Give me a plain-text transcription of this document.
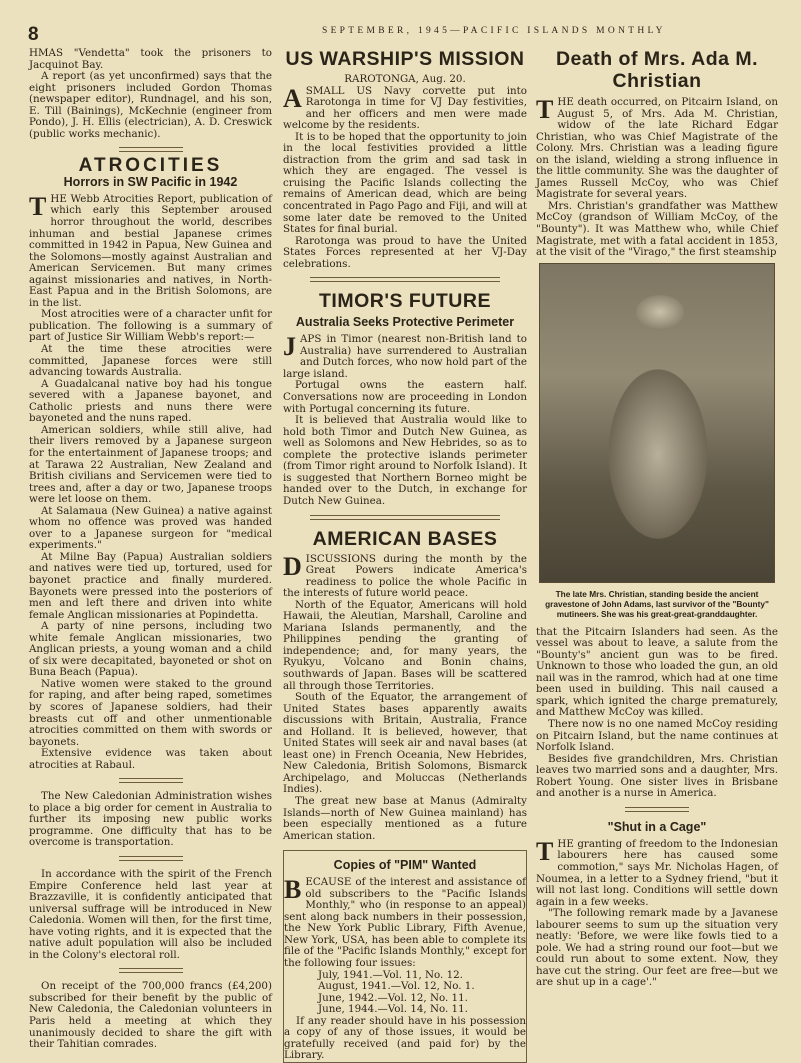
8	SEPTEMBER, 1945—PACIFIC ISLANDS MONTHLY

HMAS "Vendetta" took the prisoners to Jacquinot Bay.

A report (as yet unconfirmed) says that the eight prisoners included Gordon Thomas (newspaper editor), Rundnagel, and his son, E. Till (Bainings), McKechnie (engineer from Pondo), J. H. Ellis (electrician), A. D. Creswick (public works mechanic).

ATROCITIES
Horrors in SW Pacific in 1942

THE Webb Atrocities Report, publication of which early this September aroused horror throughout the world, describes inhuman and bestial Japanese crimes committed in 1942 in Papua, New Guinea and the Solomons—mostly against Australian and American Servicemen. But many crimes against missionaries and natives, in North-East Papua and in the British Solomons, are in the list.

Most atrocities were of a character unfit for publication. The following is a summary of part of Justice Sir William Webb's report:—

At the time these atrocities were committed, Japanese forces were still advancing towards Australia.

A Guadalcanal native boy had his tongue severed with a Japanese bayonet, and Catholic priests and nuns there were bayoneted and the nuns raped.

American soldiers, while still alive, had their livers removed by a Japanese surgeon for the entertainment of Japanese troops; and at Tarawa 22 Australian, New Zealand and British civilians and Servicemen were tied to trees and, after a day or two, Japanese troops were let loose on them.

At Salamaua (New Guinea) a native against whom no offence was proved was handed over to a Japanese surgeon for "medical experiments."

At Milne Bay (Papua) Australian soldiers and natives were tied up, tortured, used for bayonet practice and finally murdered. Bayonets were pressed into the posteriors of men and left there and driven into white female Anglican missionaries at Popindetta.

A party of nine persons, including two white female Anglican missionaries, two Anglican priests, a young woman and a child of six were decapitated, bayoneted or shot on Buna Beach (Papua).

Native women were staked to the ground for raping, and after being raped, sometimes by scores of Japanese soldiers, had their breasts cut off and other unmentionable atrocities committed on them with swords or bayonets.

Extensive evidence was taken about atrocities at Rabaul.

The New Caledonian Administration wishes to place a big order for cement in Australia to further its imposing new public works programme. One difficulty that has to be overcome is transportation.

In accordance with the spirit of the French Empire Conference held last year at Brazzaville, it is confidently anticipated that universal suffrage will be introduced in New Caledonia. Women will then, for the first time, have voting rights, and it is expected that the native adult population will also be included in the Colony's electoral roll.

On receipt of the 700,000 francs (£4,200) subscribed for their benefit by the public of New Caledonia, the Caledonian volunteers in Paris held a meeting at which they unanimously decided to share the gift with their Tahitian comrades.

US WARSHIP'S MISSION

RAROTONGA, Aug. 20.

ASMALL US Navy corvette put into Rarotonga in time for VJ Day festivities, and her officers and men were made welcome by the residents.

It is to be hoped that the opportunity to join in the local festivities provided a little distraction from the grim and sad task in which they are engaged. The vessel is cruising the Pacific Islands collecting the remains of American dead, which are being concentrated in Pago Pago and Fiji, and will at some later date be removed to the United States for final burial.

Rarotonga was proud to have the United States Forces represented at her VJ-Day celebrations.

TIMOR'S FUTURE
Australia Seeks Protective Perimeter

JAPS in Timor (nearest non-British land to Australia) have surrendered to Australian and Dutch forces, who now hold part of the large island.

Portugal owns the eastern half. Conversations now are proceeding in London with Portugal concerning its future.

It is believed that Australia would like to hold both Timor and Dutch New Guinea, as well as Solomons and New Hebrides, so as to complete the protective islands perimeter (from Timor right around to Norfolk Island). It is suggested that Northern Borneo might be handed over to the Dutch, in exchange for Dutch New Guinea.

AMERICAN BASES

DISCUSSIONS during the month by the Great Powers indicate America's readiness to police the whole Pacific in the interests of future world peace.

North of the Equator, Americans will hold Hawaii, the Aleutian, Marshall, Caroline and Mariana Islands permanently, and the Philippines pending the granting of independence; and, for many years, the Ryukyu, Volcano and Bonin chains, southwards of Japan. Bases will be scattered all through those Territories.

South of the Equator, the arrangement of United States bases apparently awaits discussions with Britain, Australia, France and Holland. It is believed, however, that United States will seek air and naval bases (at least one) in French Oceania, New Hebrides, New Caledonia, British Solomons, Bismarck Archipelago, and Moluccas (Netherlands Indies).

The great new base at Manus (Admiralty Islands—north of New Guinea mainland) has been especially mentioned as a future American station.

Copies of "PIM" Wanted

BECAUSE of the interest and assistance of old subscribers to the "Pacific Islands Monthly," who (in response to an appeal) sent along back numbers in their possession, the New York Public Library, Fifth Avenue, New York, USA, has been able to complete its file of the "Pacific Islands Monthly," except for the following four issues:

July, 1941.—Vol. 11, No. 12.

August, 1941.—Vol. 12, No. 1.

June, 1942.—Vol. 12, No. 11.

June, 1944.—Vol. 14, No. 11.

If any reader should have in his possession a copy of any of those issues, it would be gratefully received (and paid for) by the Library.

Death of Mrs. Ada M. Christian

THE death occurred, on Pitcairn Island, on August 5, of Mrs. Ada M. Christian, widow of the late Richard Edgar Christian, who was Chief Magistrate of the Colony. Mrs. Christian was a leading figure on the island, wielding a strong influence in the little community. She was the daughter of James Russell McCoy, who was Chief Magistrate for several years.

Mrs. Christian's grandfather was Matthew McCoy (grandson of William McCoy, of the "Bounty"). It was Matthew who, while Chief Magistrate, met with a fatal accident in 1853, at the visit of the "Virago," the first steamship

The late Mrs. Christian, standing beside the ancient gravestone of John Adams, last survivor of the "Bounty" mutineers. She was his great-great-granddaughter.

that the Pitcairn Islanders had seen. As the vessel was about to leave, a salute from the "Bounty's" ancient gun was to be fired. Unknown to those who loaded the gun, an old nail was in the ramrod, which had at one time been used in building. This nail caused a spark, which ignited the charge prematurely, and Matthew McCoy was killed.

There now is no one named McCoy residing on Pitcairn Island, but the name continues at Norfolk Island.

Besides five grandchildren, Mrs. Christian leaves two married sons and a daughter, Mrs. Robert Young. One sister lives in Brisbane and another is a nurse in America.

"Shut in a Cage"

THE granting of freedom to the Indonesian labourers here has caused some commotion," says Mr. Nicholas Hagen, of Noumea, in a letter to a Sydney friend, "but it will not last long. Conditions will settle down again in a few weeks.

"The following remark made by a Javanese labourer seems to sum up the situation very neatly: 'Before, we were like fowls tied to a pole. We had a string round our foot—but we could run about to some extent. Now, they have cut the string. Our feet are free—but we are shut up in a cage'."
